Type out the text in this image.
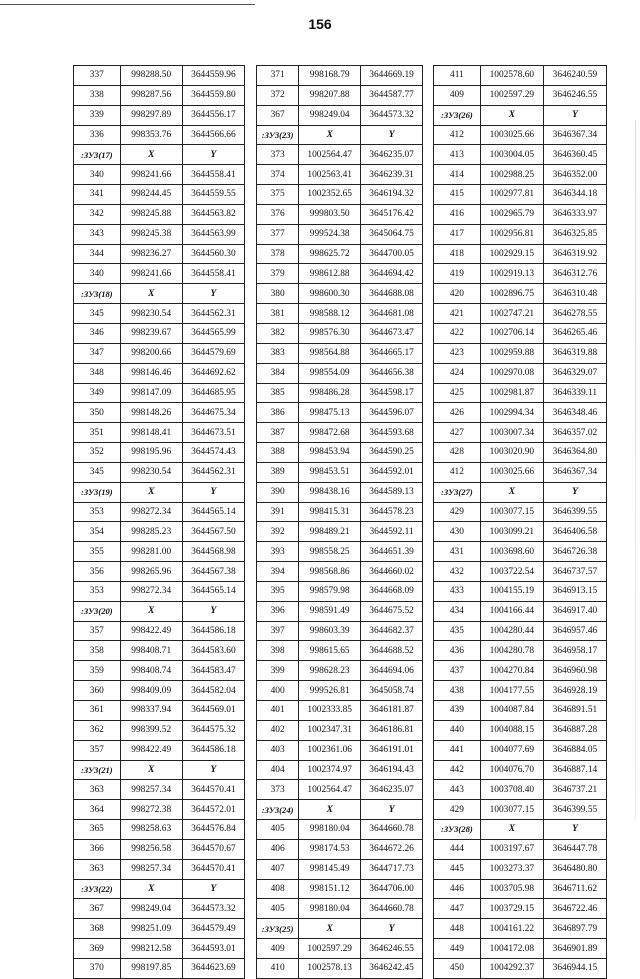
156
337	998288.50	3644559.96
338	998287.56	3644559.80
339	998297.89	3644556.17
336	998353.76	3644566.66
:ЗУ3(17)	X	Y
340	998241.66	3644558.41
341	998244.45	3644559.55
342	998245.88	3644563.82
343	998245.38	3644563.99
344	998236.27	3644560.30
340	998241.66	3644558.41
:ЗУ3(18)	X	Y
345	998230.54	3644562.31
346	998239.67	3644565.99
347	998200.66	3644579.69
348	998146.46	3644692.62
349	998147.09	3644685.95
350	998148.26	3644675.34
351	998148.41	3644673.51
352	998195.96	3644574.43
345	998230.54	3644562.31
:ЗУ3(19)	X	Y
353	998272.34	3644565.14
354	998285.23	3644567.50
355	998281.00	3644568.98
356	998265.96	3644567.38
353	998272.34	3644565.14
:ЗУ3(20)	X	Y
357	998422.49	3644586.18
358	998408.71	3644583.60
359	998408.74	3644583.47
360	998409.09	3644582.04
361	998337.94	3644569.01
362	998399.52	3644575.32
357	998422.49	3644586.18
:ЗУ3(21)	X	Y
363	998257.34	3644570.41
364	998272.38	3644572.01
365	998258.63	3644576.84
366	998256.58	3644570.67
363	998257.34	3644570.41
:ЗУ3(22)	X	Y
367	998249.04	3644573.32
368	998251.09	3644579.49
369	998212.58	3644593.01
370	998197.85	3644623.69
371	998168.79	3644669.19
372	998207.88	3644587.77
367	998249.04	3644573.32
:ЗУ3(23)	X	Y
373	1002564.47	3646235.07
374	1002563.41	3646239.31
375	1002352.65	3646194.32
376	999803.50	3645176.42
377	999524.38	3645064.75
378	998625.72	3644700.05
379	998612.88	3644694.42
380	998600.30	3644688.08
381	998588.12	3644681.08
382	998576.30	3644673.47
383	998564.88	3644665.17
384	998554.09	3644656.38
385	998486.28	3644598.17
386	998475.13	3644596.07
387	998472.68	3644593.68
388	998453.94	3644590.25
389	998453.51	3644592.01
390	998438.16	3644589.13
391	998415.31	3644578.23
392	998489.21	3644592.11
393	998558.25	3644651.39
394	998568.86	3644660.02
395	998579.98	3644668.09
396	998591.49	3644675.52
397	998603.39	3644682.37
398	998615.65	3644688.52
399	998628.23	3644694.06
400	999526.81	3645058.74
401	1002333.85	3646181.87
402	1002347.31	3646186.81
403	1002361.06	3646191.01
404	1002374.97	3646194.43
373	1002564.47	3646235.07
:ЗУ3(24)	X	Y
405	998180.04	3644660.78
406	998174.53	3644672.26
407	998145.49	3644717.73
408	998151.12	3644706.00
405	998180.04	3644660.78
:ЗУ3(25)	X	Y
409	1002597.29	3646246.55
410	1002578.13	3646242.45
411	1002578.60	3646240.59
409	1002597.29	3646246.55
:ЗУ3(26)	X	Y
412	1003025.66	3646367.34
413	1003004.05	3646360.45
414	1002988.25	3646352.00
415	1002977.81	3646344.18
416	1002965.79	3646333.97
417	1002956.81	3646325.85
418	1002929.15	3646319.92
419	1002919.13	3646312.76
420	1002896.75	3646310.48
421	1002747.21	3646278.55
422	1002706.14	3646265.46
423	1002959.88	3646319.88
424	1002970.08	3646329.07
425	1002981.87	3646339.11
426	1002994.34	3646348.46
427	1003007.34	3646357.02
428	1003020.90	3646364.80
412	1003025.66	3646367.34
:ЗУ3(27)	X	Y
429	1003077.15	3646399.55
430	1003099.21	3646406.58
431	1003698.60	3646726.38
432	1003722.54	3646737.57
433	1004155.19	3646913.15
434	1004166.44	3646917.40
435	1004280.44	3646957.46
436	1004280.78	3646958.17
437	1004270.84	3646960.98
438	1004177.55	3646928.19
439	1004087.84	3646891.51
440	1004088.15	3646887.28
441	1004077.69	3646884.05
442	1004076.70	3646887.14
443	1003708.40	3646737.21
429	1003077.15	3646399.55
:ЗУ3(28)	X	Y
444	1003197.67	3646447.78
445	1003273.37	3646480.80
446	1003705.98	3646711.62
447	1003729.15	3646722.46
448	1004161.22	3646897.79
449	1004172.08	3646901.89
450	1004292.37	3646944.15
